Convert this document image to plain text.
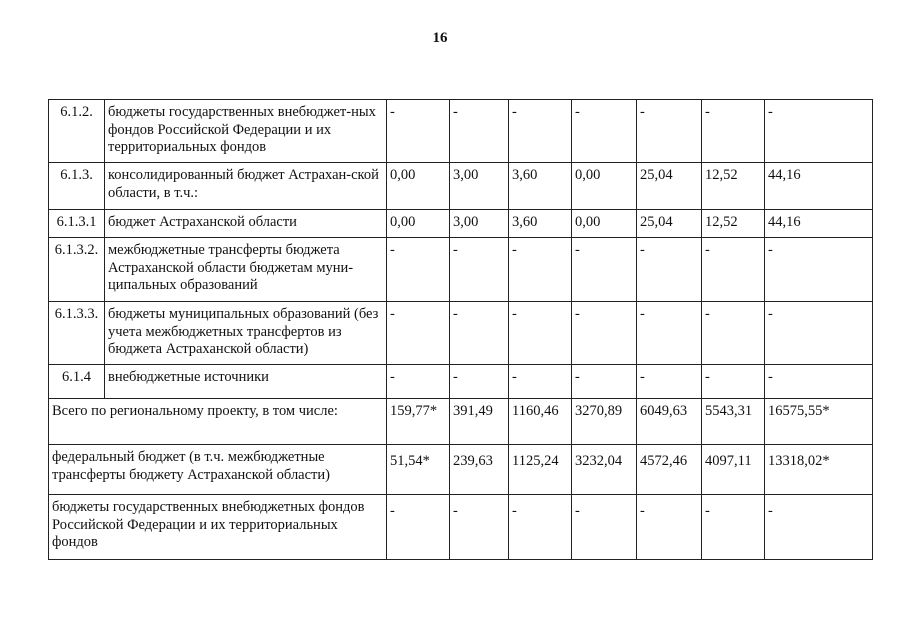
16
6.1.2.	бюджеты государственных внебюджет-ных фондов Российской Федерации и их территориальных фондов	-	-	-	-	-	-	-
6.1.3.	консолидированный бюджет Астрахан-ской области, в т.ч.:	0,00	3,00	3,60	0,00	25,04	12,52	44,16
6.1.3.1	бюджет Астраханской области	0,00	3,00	3,60	0,00	25,04	12,52	44,16
6.1.3.2.	межбюджетные трансферты бюджета Астраханской области бюджетам муни-ципальных образований	-	-	-	-	-	-	-
6.1.3.3.	бюджеты муниципальных образований (без учета межбюджетных трансфертов из бюджета Астраханской области)	-	-	-	-	-	-	-
6.1.4	внебюджетные источники	-	-	-	-	-	-	-
Всего по региональному проекту, в том числе:		159,77*	391,49	1160,46	3270,89	6049,63	5543,31	16575,55*
федеральный бюджет (в т.ч. межбюджетные трансферты бюджету Астраханской области)		51,54*	239,63	1125,24	3232,04	4572,46	4097,11	13318,02*
бюджеты государственных внебюджетных фондов Российской Федерации и их территориальных фондов		-	-	-	-	-	-	-
